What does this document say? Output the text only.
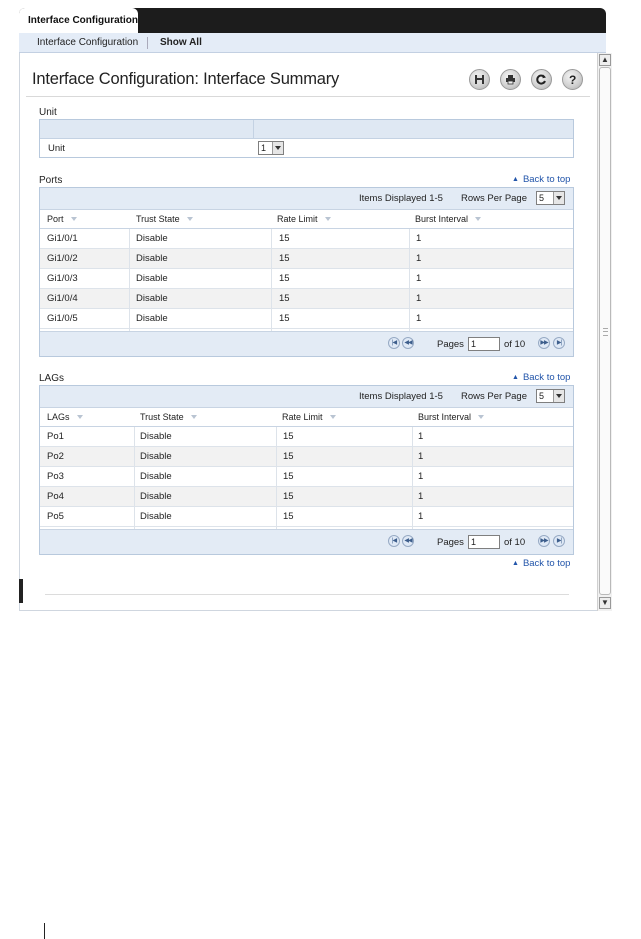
Interface Configuration
Interface Configuration Show All
▲
▼
Interface Configuration: Interface Summary	?
Unit
Unit	1
Ports	▲ Back to top
Items Displayed 1-5 Rows Per Page	5
Port	Trust State	Rate Limit	Burst Interval
Gi1/0/1	Disable	15	1
Gi1/0/2	Disable	15	1
Gi1/0/3	Disable	15	1
Gi1/0/4	Disable	15	1
Gi1/0/5	Disable	15	1
|◀	◀◀	Pages 1	of 10	▶▶	▶|
LAGs	▲ Back to top
Items Displayed 1-5 Rows Per Page	5
LAGs	Trust State	Rate Limit	Burst Interval
Po1	Disable	15	1
Po2	Disable	15	1
Po3	Disable	15	1
Po4	Disable	15	1
Po5	Disable	15	1
|◀	◀◀	Pages 1	of 10	▶▶	▶|
▲ Back to top
